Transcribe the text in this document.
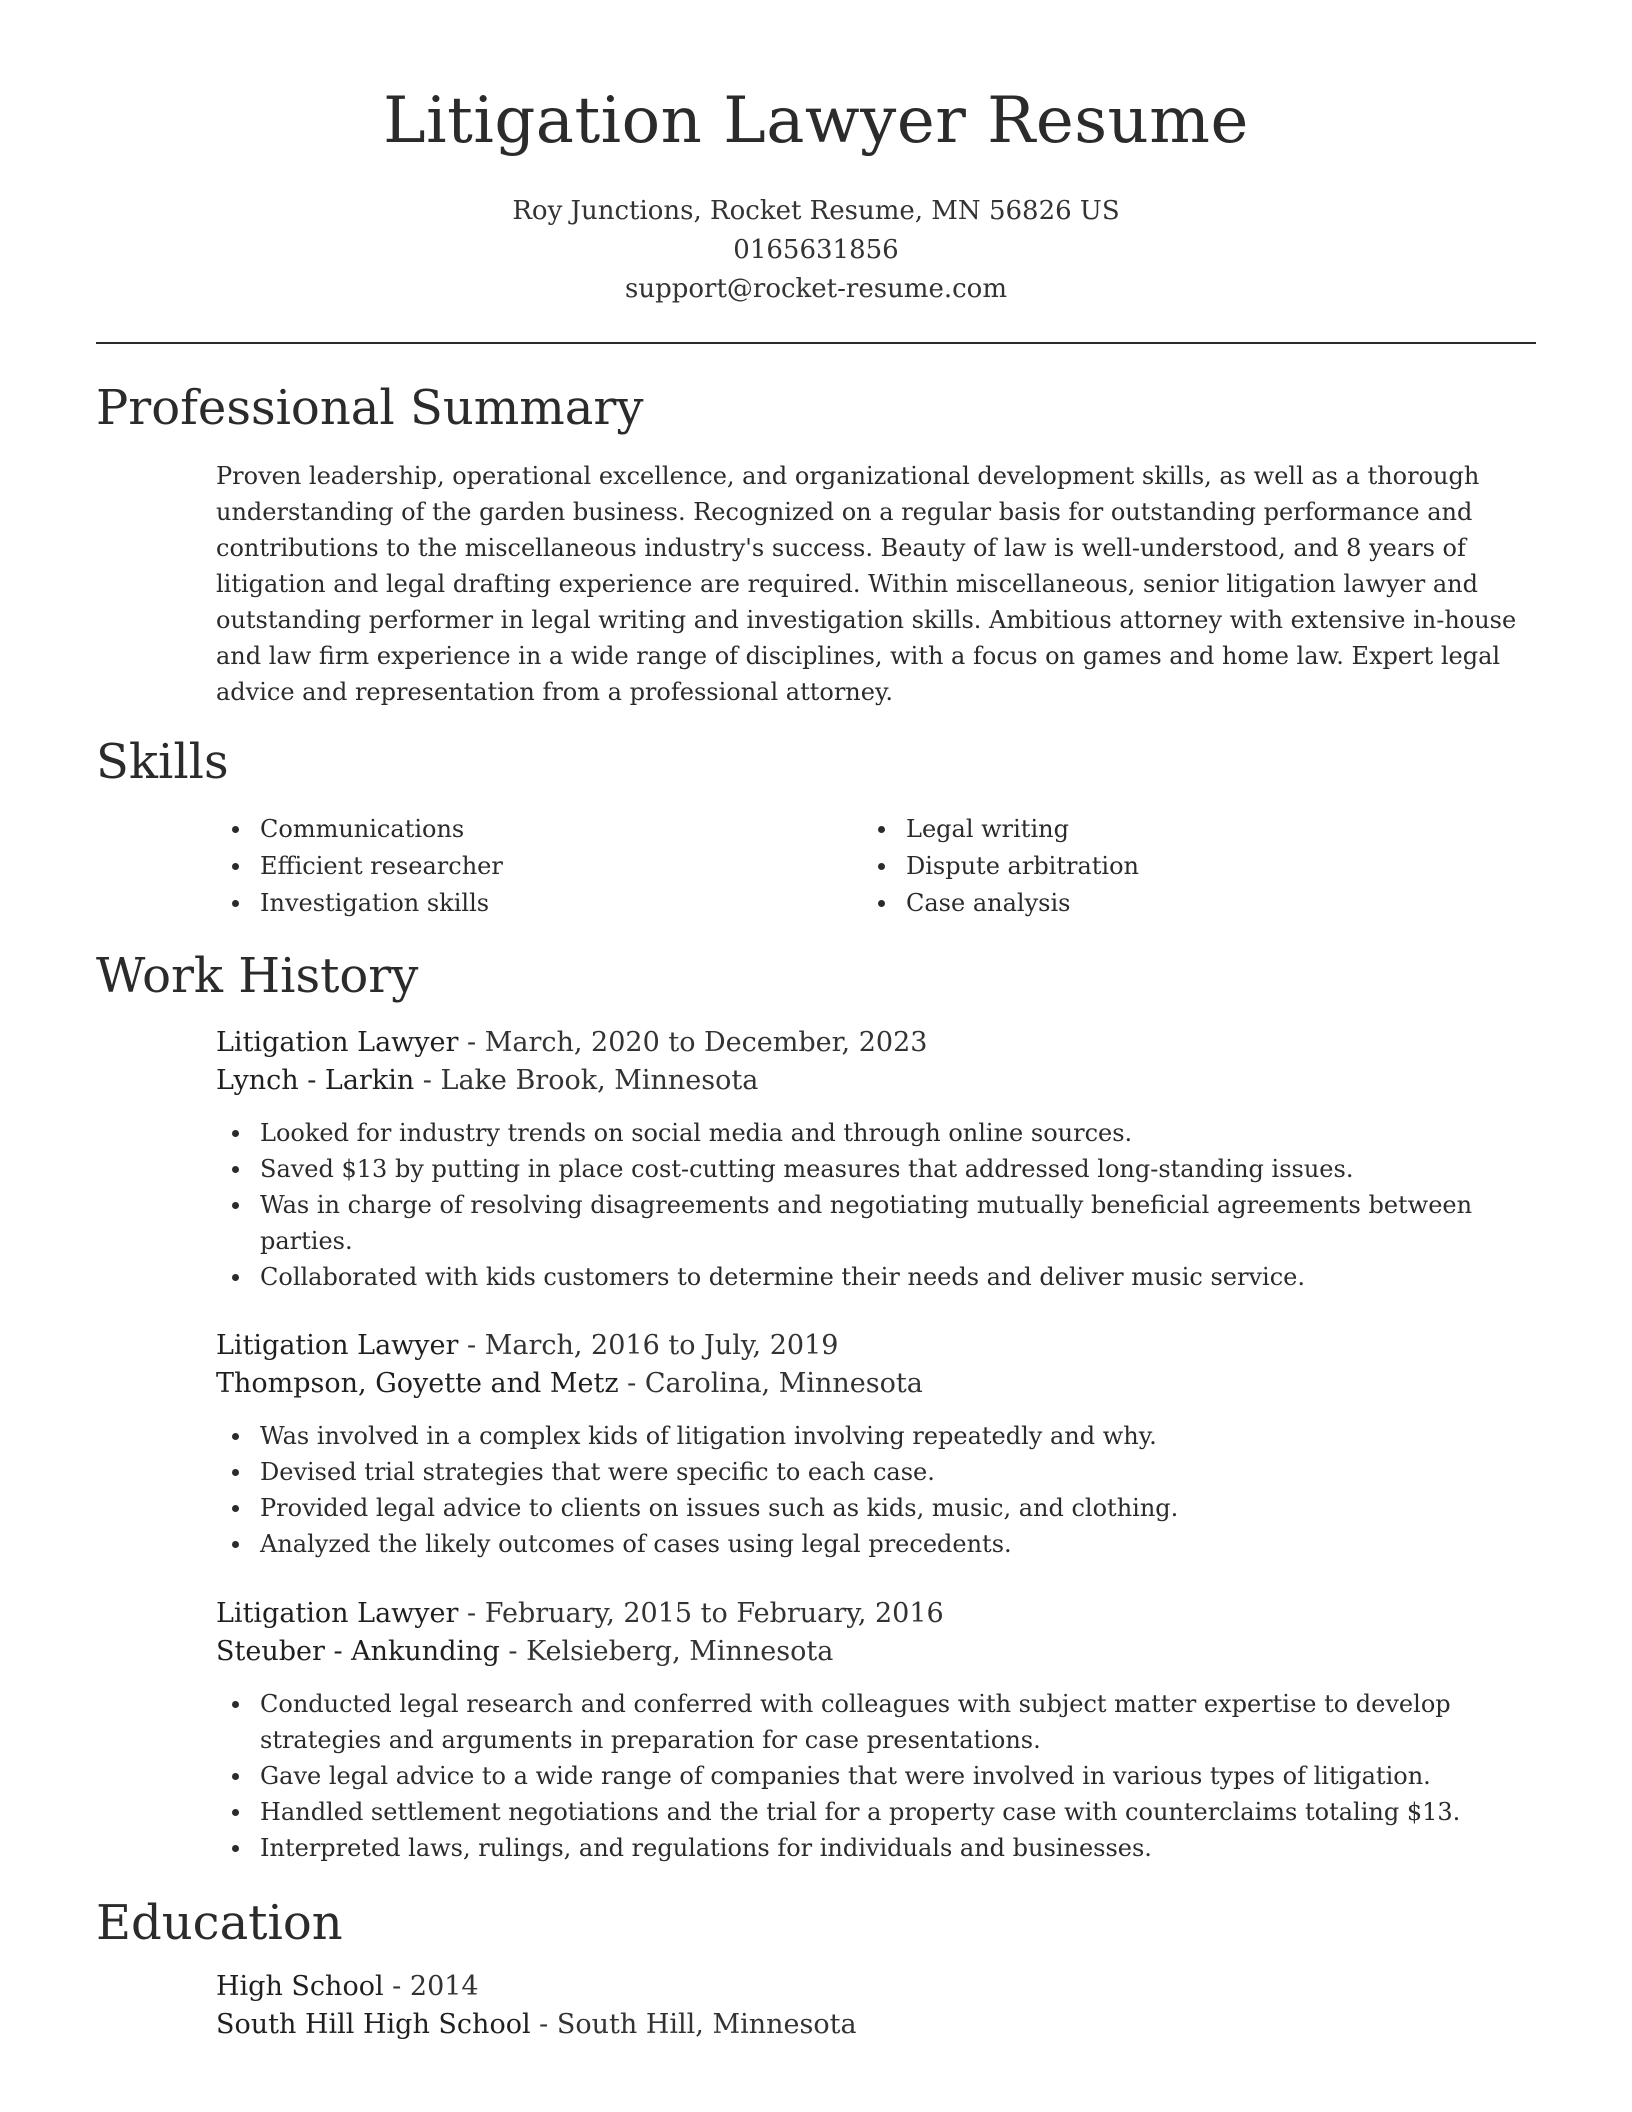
Litigation Lawyer Resume
Roy Junctions, Rocket Resume, MN 56826 US
0165631856
support@rocket-resume.com
Professional Summary

Proven leadership, operational excellence, and organizational development skills, as well as a thorough understanding of the garden business. Recognized on a regular basis for outstanding performance and contributions to the miscellaneous industry's success. Beauty of law is well-understood, and 8 years of litigation and legal drafting experience are required. Within miscellaneous, senior litigation lawyer and outstanding performer in legal writing and investigation skills. Ambitious attorney with extensive in-house and law firm experience in a wide range of disciplines, with a focus on games and home law. Expert legal advice and representation from a professional attorney.

Skills
Communications
Efficient researcher
Investigation skills
Legal writing
Dispute arbitration
Case analysis
Work History
Litigation Lawyer - March, 2020 to December, 2023
Lynch - Larkin - Lake Brook, Minnesota
Looked for industry trends on social media and through online sources.
Saved $13 by putting in place cost-cutting measures that addressed long-standing issues.
Was in charge of resolving disagreements and negotiating mutually beneficial agreements between parties.
Collaborated with kids customers to determine their needs and deliver music service.
Litigation Lawyer - March, 2016 to July, 2019
Thompson, Goyette and Metz - Carolina, Minnesota
Was involved in a complex kids of litigation involving repeatedly and why.
Devised trial strategies that were specific to each case.
Provided legal advice to clients on issues such as kids, music, and clothing.
Analyzed the likely outcomes of cases using legal precedents.
Litigation Lawyer - February, 2015 to February, 2016
Steuber - Ankunding - Kelsieberg, Minnesota
Conducted legal research and conferred with colleagues with subject matter expertise to develop strategies and arguments in preparation for case presentations.
Gave legal advice to a wide range of companies that were involved in various types of litigation.
Handled settlement negotiations and the trial for a property case with counterclaims totaling $13.
Interpreted laws, rulings, and regulations for individuals and businesses.
Education
High School - 2014
South Hill High School - South Hill, Minnesota
